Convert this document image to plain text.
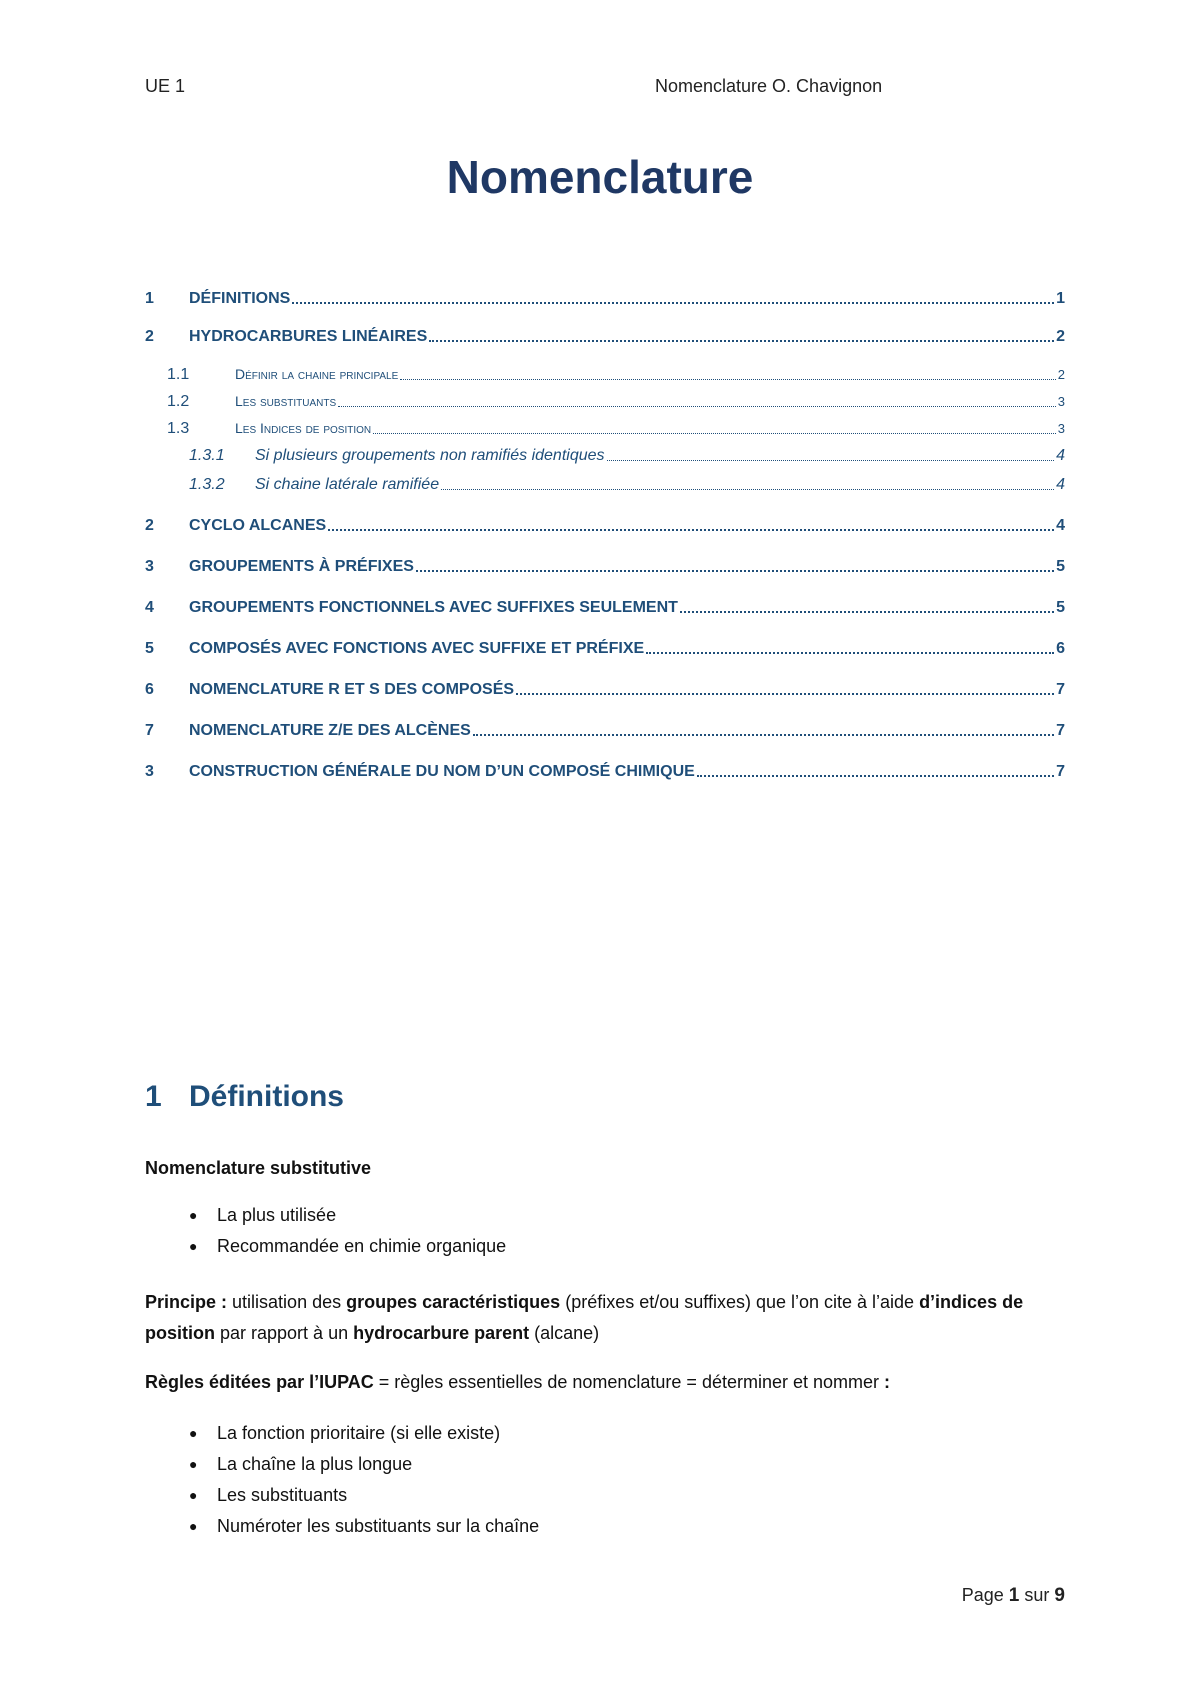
UE 1	Nomenclature O. Chavignon
Nomenclature
1	DÉFINITIONS	1
2	HYDROCARBURES LINÉAIRES	2
1.1	Définir la chaine principale	2
1.2	Les substituants	3
1.3	Les Indices de position	3
1.3.1	Si plusieurs groupements non ramifiés identiques	4
1.3.2	Si chaine latérale ramifiée	4
2	CYCLO ALCANES	4
3	GROUPEMENTS À PRÉFIXES	5
4	GROUPEMENTS FONCTIONNELS AVEC SUFFIXES SEULEMENT	5
5	COMPOSÉS AVEC FONCTIONS AVEC SUFFIXE ET PRÉFIXE	6
6	NOMENCLATURE R ET S DES COMPOSÉS	7
7	NOMENCLATURE Z/E DES ALCÈNES	7
3	CONSTRUCTION GÉNÉRALE DU NOM D’UN COMPOSÉ CHIMIQUE	7
1 Définitions
Nomenclature substitutive
● La plus utilisée
● Recommandée en chimie organique
Principe : utilisation des groupes caractéristiques (préfixes et/ou suffixes) que l’on cite à l’aide d’indices de position par rapport à un hydrocarbure parent (alcane)
Règles éditées par l’IUPAC = règles essentielles de nomenclature = déterminer et nommer :
● La fonction prioritaire (si elle existe)
● La chaîne la plus longue
● Les substituants
● Numéroter les substituants sur la chaîne
Page 1 sur 9
